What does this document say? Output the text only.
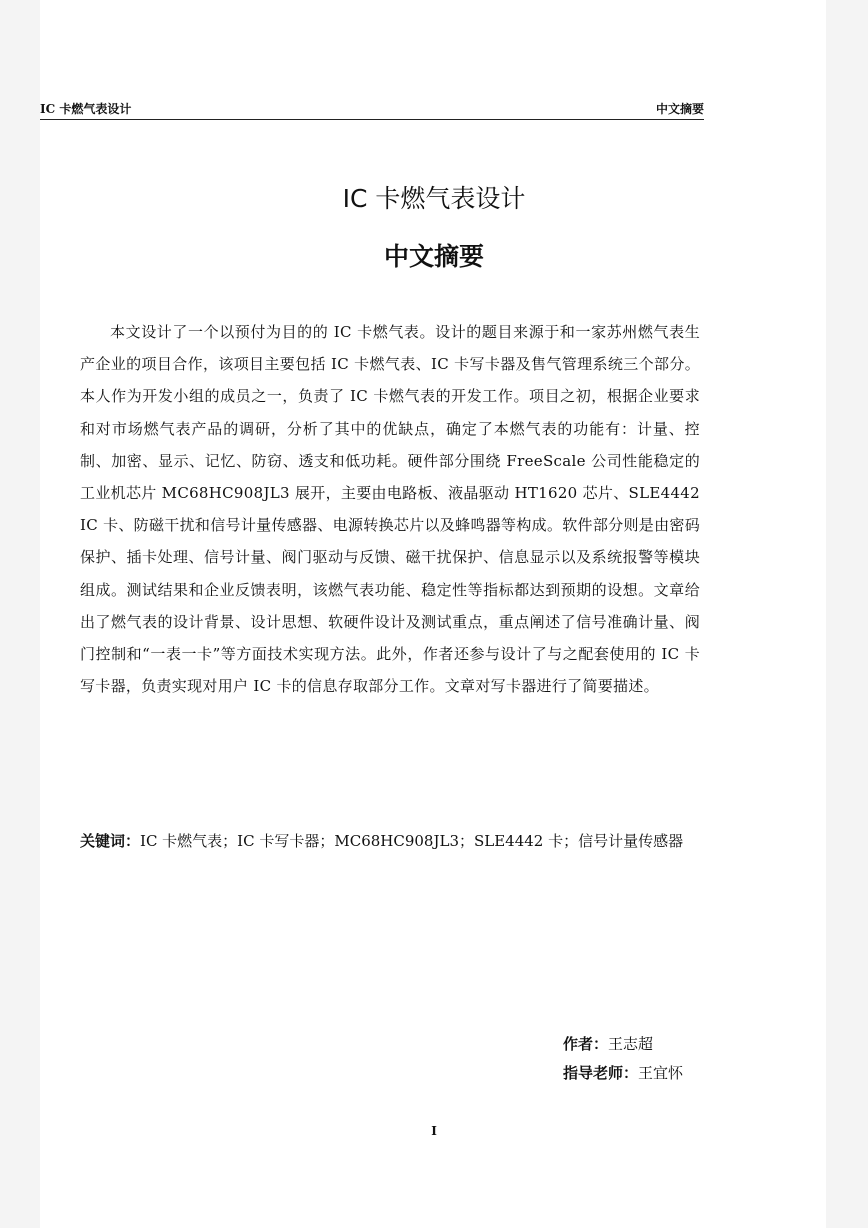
IC 卡燃气表设计	中文摘要
IC 卡燃气表设计
中文摘要

本文设计了一个以预付为目的的 IC 卡燃气表。设计的题目来源于和一家苏州燃气表生产企业的项目合作，该项目主要包括 IC 卡燃气表、IC 卡写卡器及售气管理系统三个部分。本人作为开发小组的成员之一，负责了 IC 卡燃气表的开发工作。项目之初，根据企业要求和对市场燃气表产品的调研，分析了其中的优缺点，确定了本燃气表的功能有：计量、控制、加密、显示、记忆、防窃、透支和低功耗。硬件部分围绕 FreeScale 公司性能稳定的工业机芯片 MC68HC908JL3 展开，主要由电路板、液晶驱动 HT1620 芯片、SLE4442 IC 卡、防磁干扰和信号计量传感器、电源转换芯片以及蜂鸣器等构成。软件部分则是由密码保护、插卡处理、信号计量、阀门驱动与反馈、磁干扰保护、信息显示以及系统报警等模块组成。测试结果和企业反馈表明，该燃气表功能、稳定性等指标都达到预期的设想。文章给出了燃气表的设计背景、设计思想、软硬件设计及测试重点，重点阐述了信号准确计量、阀门控制和“一表一卡”等方面技术实现方法。此外，作者还参与设计了与之配套使用的 IC 卡写卡器，负责实现对用户 IC 卡的信息存取部分工作。文章对写卡器进行了简要描述。

关键词：IC 卡燃气表；IC 卡写卡器；MC68HC908JL3；SLE4442 卡；信号计量传感器
作者：王志超
指导老师：王宜怀
I
